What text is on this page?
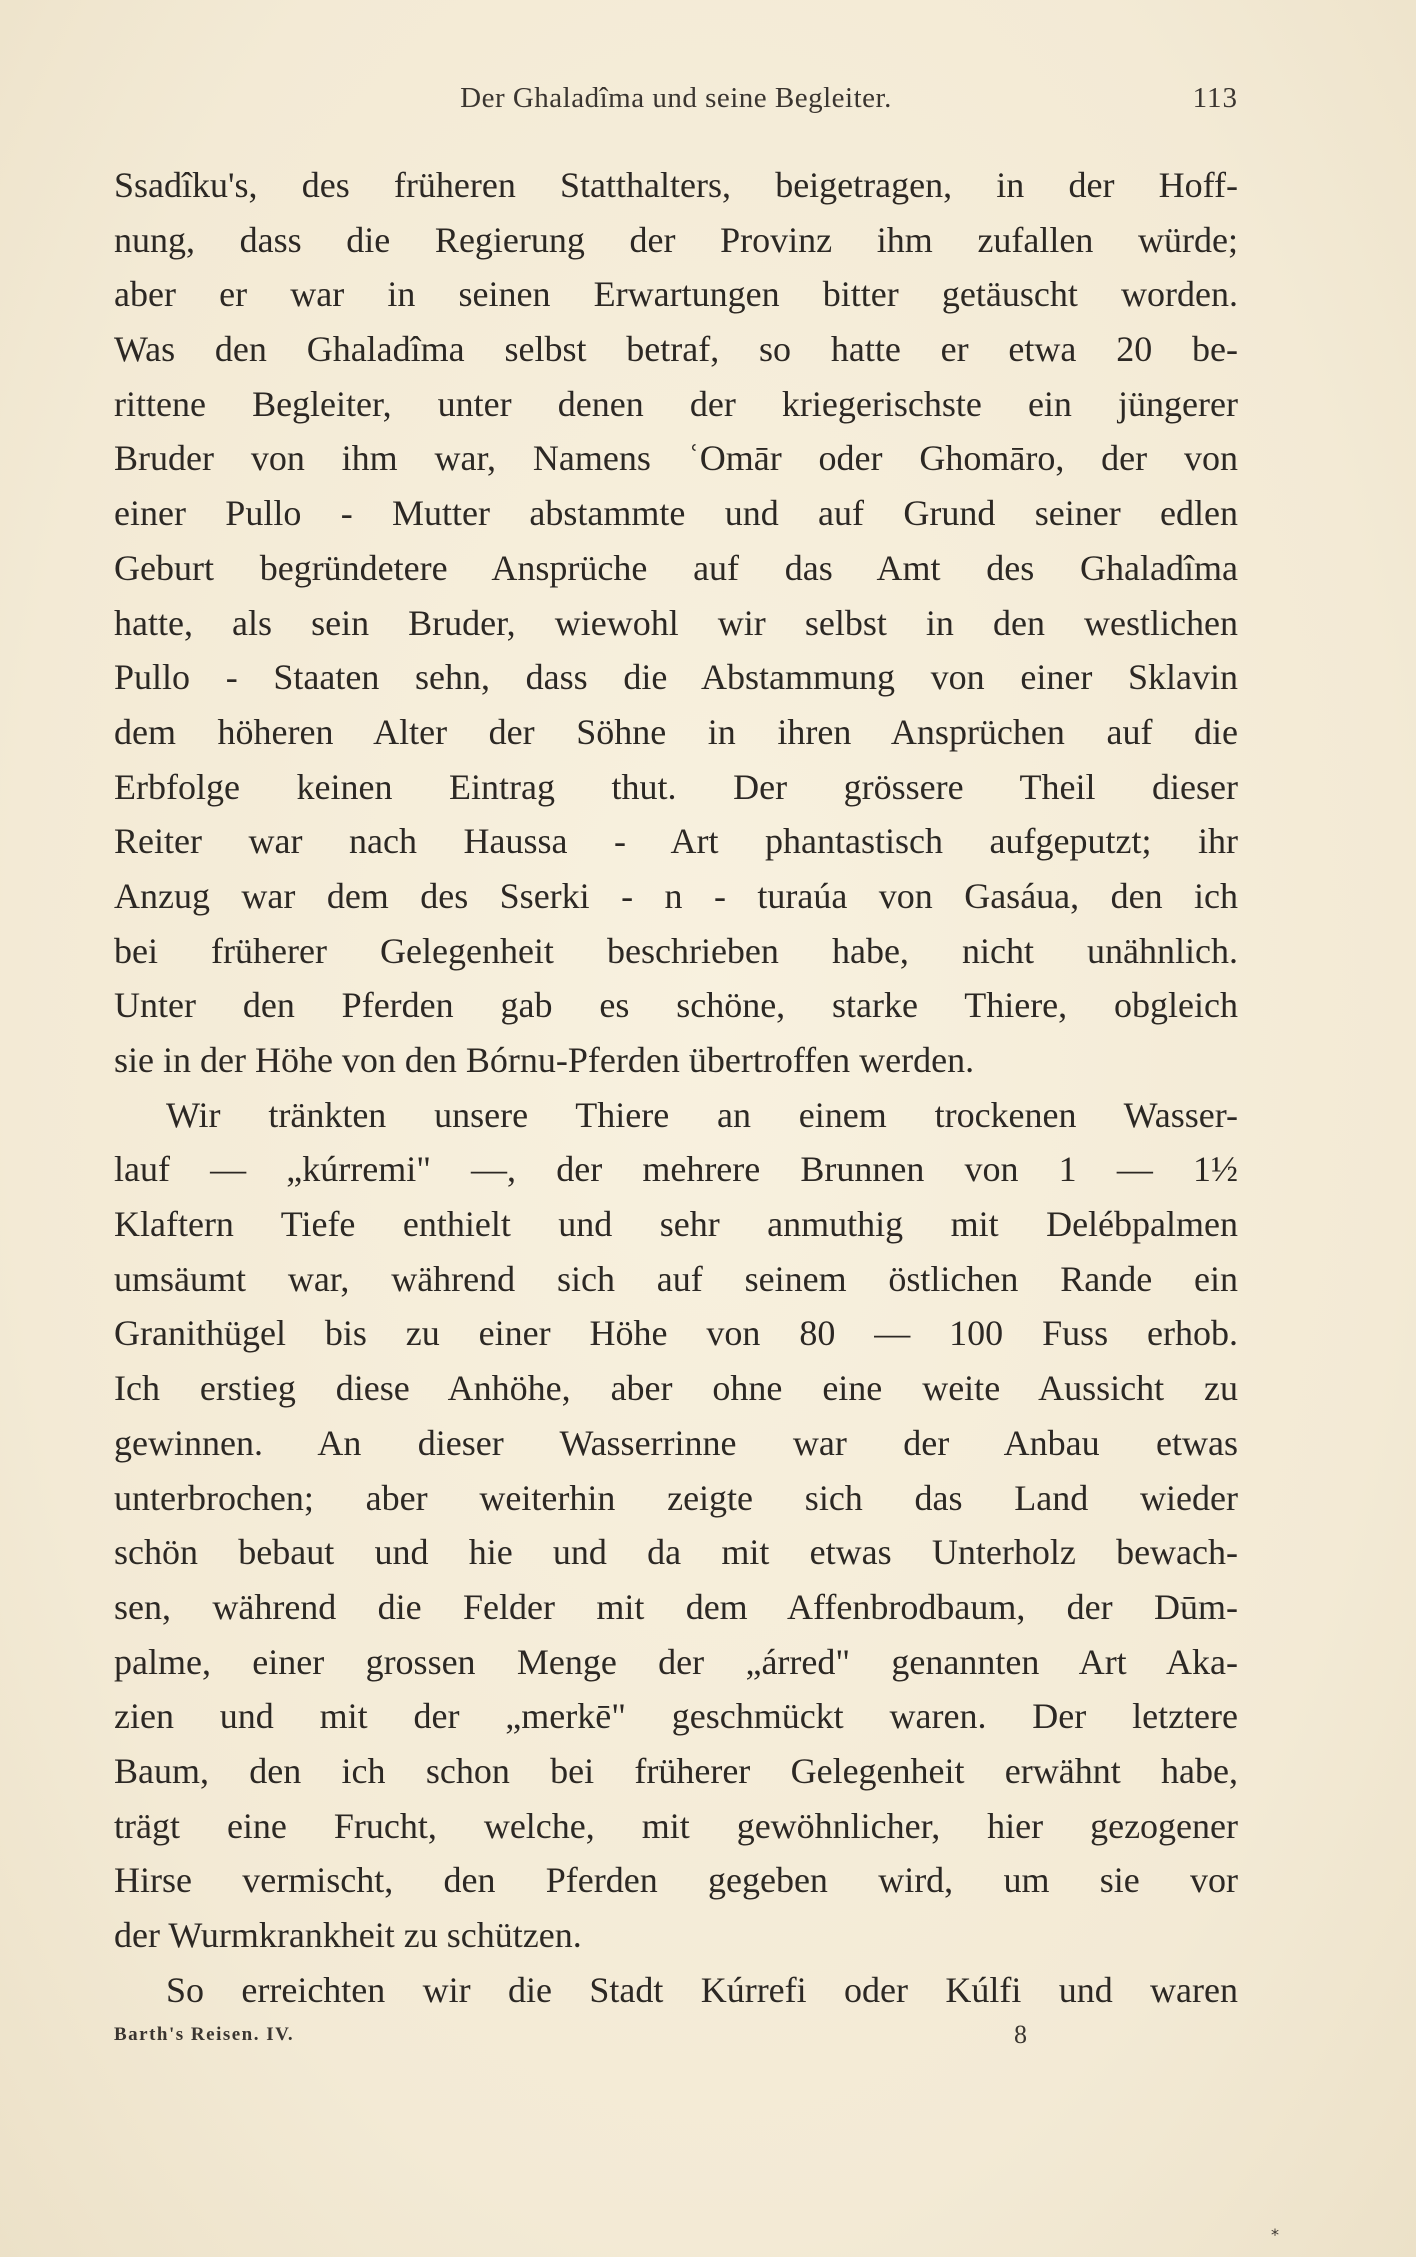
Der Ghaladîma und seine Begleiter.	113
Ssadîku's, des früheren Statthalters, beigetragen, in der Hoff-
nung, dass die Regierung der Provinz ihm zufallen würde;
aber er war in seinen Erwartungen bitter getäuscht worden.
Was den Ghaladîma selbst betraf, so hatte er etwa 20 be-
rittene Begleiter, unter denen der kriegerischste ein jüngerer
Bruder von ihm war, Namens ʿOmār oder Ghomāro, der von
einer Pullo - Mutter abstammte und auf Grund seiner edlen
Geburt begründetere Ansprüche auf das Amt des Ghaladîma
hatte, als sein Bruder, wiewohl wir selbst in den westlichen
Pullo - Staaten sehn, dass die Abstammung von einer Sklavin
dem höheren Alter der Söhne in ihren Ansprüchen auf die
Erbfolge keinen Eintrag thut. Der grössere Theil dieser
Reiter war nach Haussa - Art phantastisch aufgeputzt; ihr
Anzug war dem des Sserki - n - turaúa von Gasáua, den ich
bei früherer Gelegenheit beschrieben habe, nicht unähnlich.
Unter den Pferden gab es schöne, starke Thiere, obgleich
sie in der Höhe von den Bórnu-Pferden übertroffen werden.
Wir tränkten unsere Thiere an einem trockenen Wasser-
lauf — „kúrremi" —, der mehrere Brunnen von 1 — 1½
Klaftern Tiefe enthielt und sehr anmuthig mit Delébpalmen
umsäumt war, während sich auf seinem östlichen Rande ein
Granithügel bis zu einer Höhe von 80 — 100 Fuss erhob.
Ich erstieg diese Anhöhe, aber ohne eine weite Aussicht zu
gewinnen. An dieser Wasserrinne war der Anbau etwas
unterbrochen; aber weiterhin zeigte sich das Land wieder
schön bebaut und hie und da mit etwas Unterholz bewach-
sen, während die Felder mit dem Affenbrodbaum, der Dūm-
palme, einer grossen Menge der „árred" genannten Art Aka-
zien und mit der „merkē" geschmückt waren. Der letztere
Baum, den ich schon bei früherer Gelegenheit erwähnt habe,
trägt eine Frucht, welche, mit gewöhnlicher, hier gezogener
Hirse vermischt, den Pferden gegeben wird, um sie vor
der Wurmkrankheit zu schützen.
So erreichten wir die Stadt Kúrrefi oder Kúlfi und waren
Barth's Reisen. IV.	8
*
